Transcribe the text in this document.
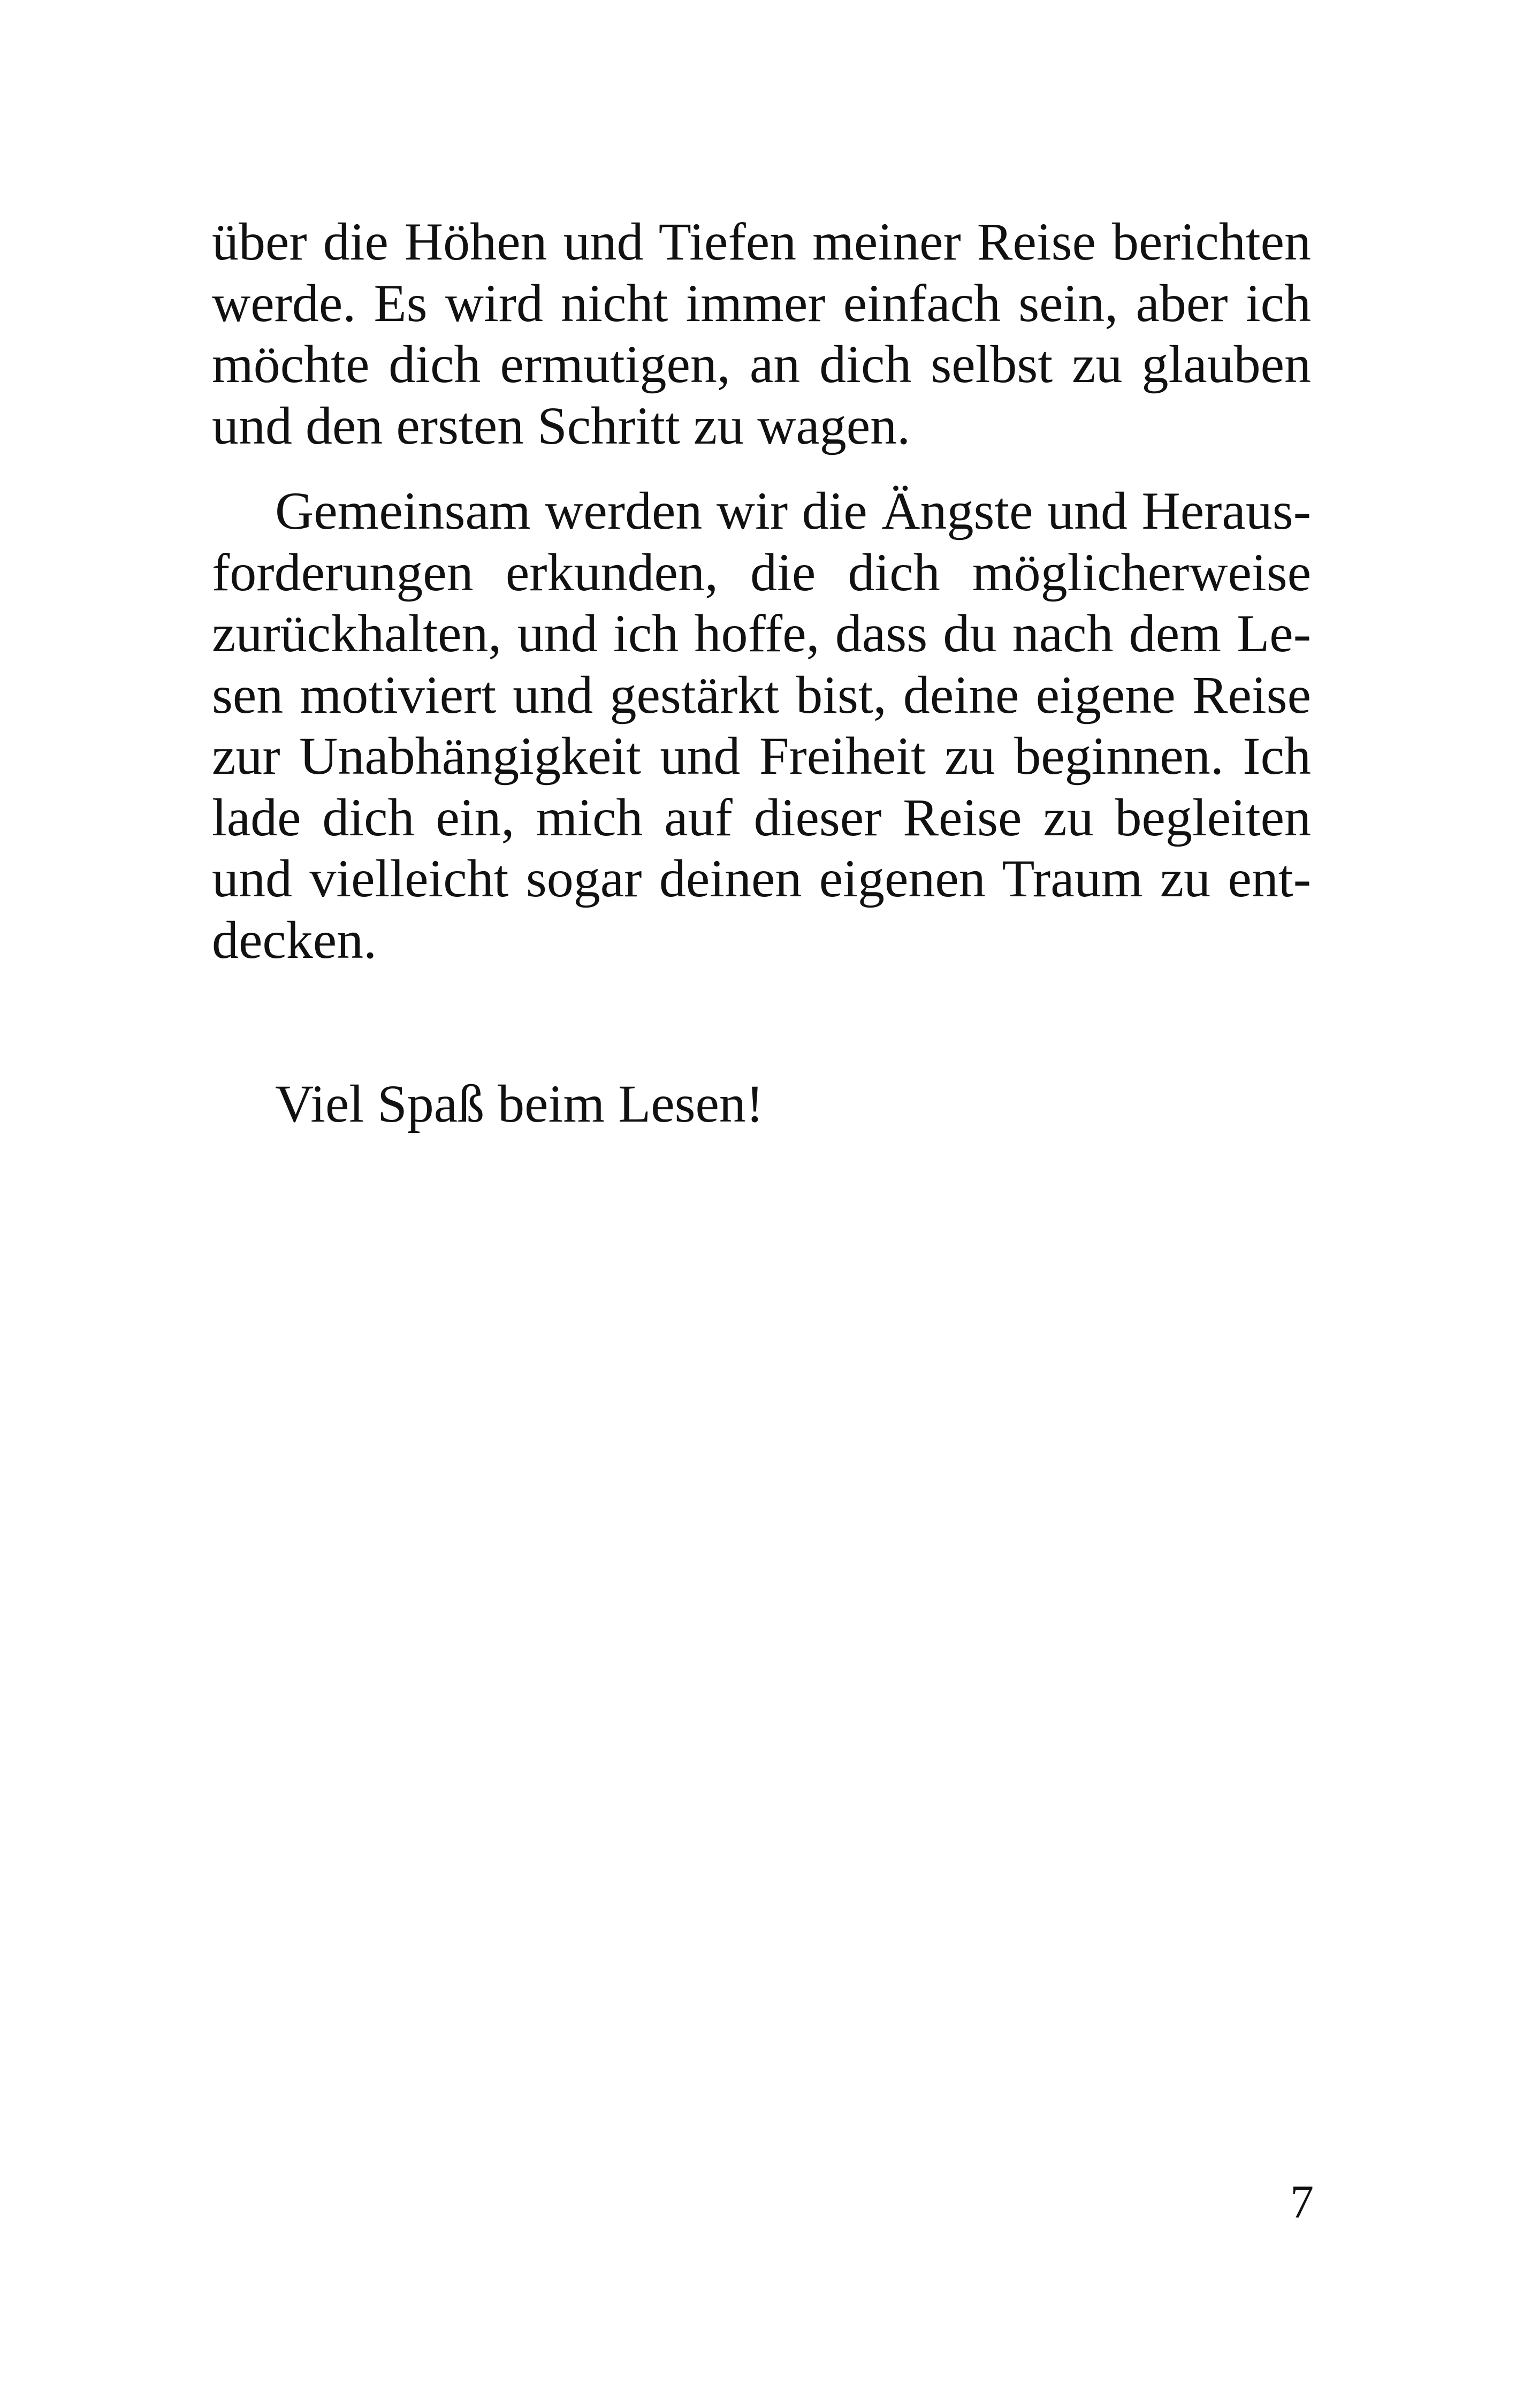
über die Höhen und Tiefen meiner Reise berichten
werde. Es wird nicht immer einfach sein, aber ich
möchte dich ermutigen, an dich selbst zu glauben
und den ersten Schritt zu wagen.
Gemeinsam werden wir die Ängste und Heraus-
forderungen erkunden, die dich möglicherweise
zurückhalten, und ich hoffe, dass du nach dem Le-
sen motiviert und gestärkt bist, deine eigene Reise
zur Unabhängigkeit und Freiheit zu beginnen. Ich
lade dich ein, mich auf dieser Reise zu begleiten
und vielleicht sogar deinen eigenen Traum zu ent-
decken.
Viel Spaß beim Lesen!
7
